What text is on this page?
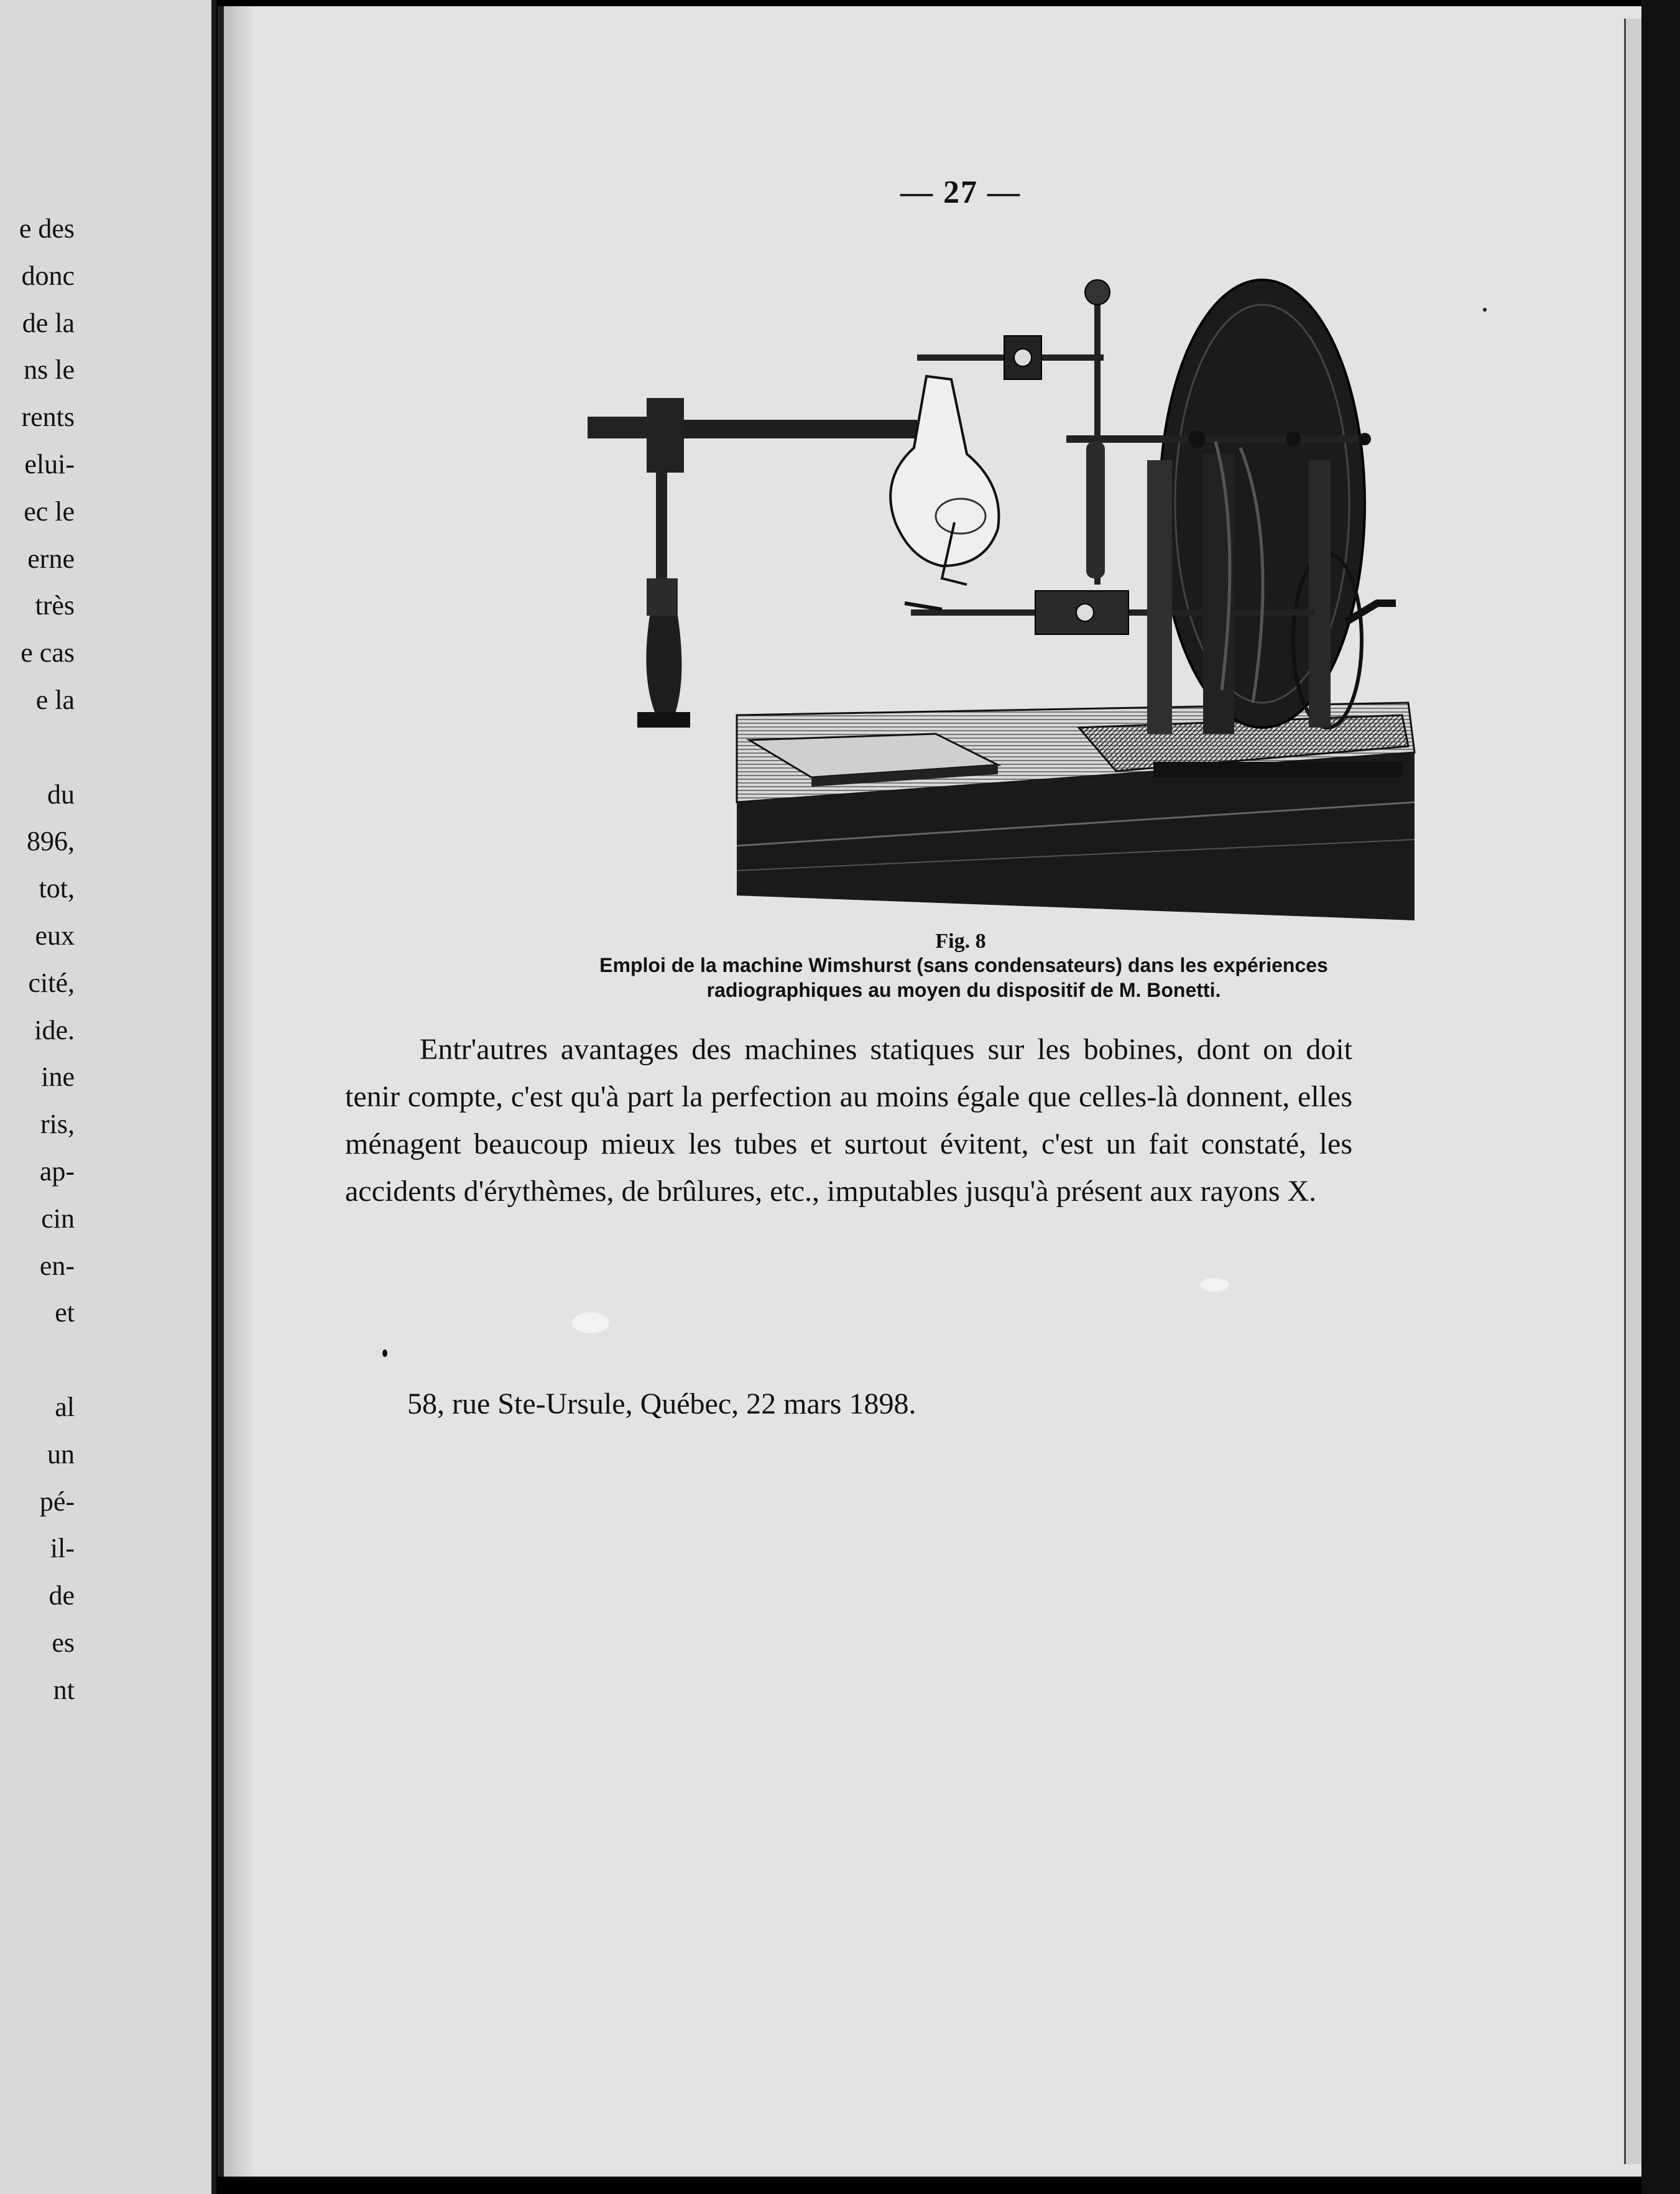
e des
donc
de la
ns le
rents
elui-
ec le
erne
très
e cas
e la
du
896,
tot,
eux
cité,
ide.
ine
ris,
ap-
cin
en-
et
al
un
pé-
il-
de
es
nt
— 27 —
Fig. 8
Emploi de la machine Wimshurst (sans condensateurs) dans les expériences
radiographiques au moyen du dispositif de M. Bonetti.
Entr'autres avantages des machines statiques sur les bobines, dont on doit tenir compte, c'est qu'à part la perfection au moins égale que celles-là donnent, elles ménagent beaucoup mieux les tubes et surtout évitent, c'est un fait constaté, les accidents d'érythèmes, de brûlures, etc., imputables jusqu'à présent aux rayons X.
58, rue Ste-Ursule, Québec, 22 mars 1898.
